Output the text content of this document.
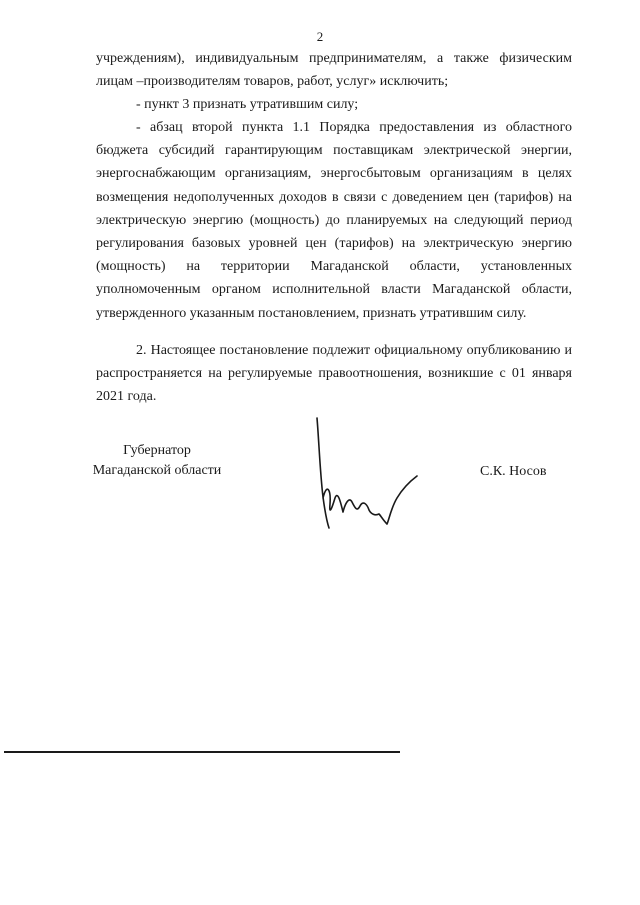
2

учреждениям), индивидуальным предпринимателям, а также физическим лицам –производителям товаров, работ, услуг» исключить;

- пункт 3 признать утратившим силу;

- абзац второй пункта 1.1 Порядка предоставления из областного бюджета субсидий гарантирующим поставщикам электрической энергии, энергоснабжающим организациям, энергосбытовым организациям в целях возмещения недополученных доходов в связи с доведением цен (тарифов) на электрическую энергию (мощность) до планируемых на следующий период регулирования базовых уровней цен (тарифов) на электрическую энергию (мощность) на территории Магаданской области, установленных уполномоченным органом исполнительной власти Магаданской области, утвержденного указанным постановлением, признать утратившим силу.

2. Настоящее постановление подлежит официальному опубликованию и распространяется на регулируемые правоотношения, возникшие с 01 января 2021 года.

Губернатор
Магаданской области	С.К. Носов
